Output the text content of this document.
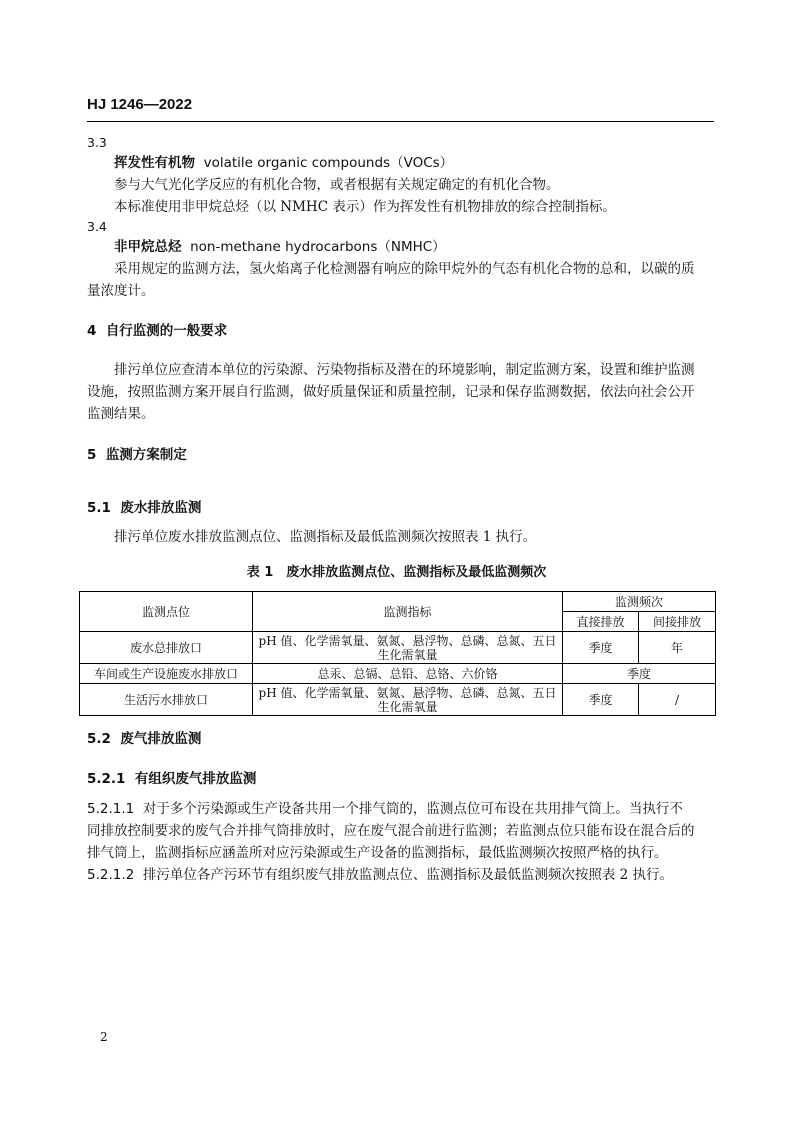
HJ 1246—2022
3.3
挥发性有机物 volatile organic compounds（VOCs）
参与大气光化学反应的有机化合物，或者根据有关规定确定的有机化合物。
本标准使用非甲烷总烃（以 NMHC 表示）作为挥发性有机物排放的综合控制指标。
3.4
非甲烷总烃 non-methane hydrocarbons（NMHC）
采用规定的监测方法，氢火焰离子化检测器有响应的除甲烷外的气态有机化合物的总和，以碳的质
量浓度计。
4 自行监测的一般要求
排污单位应查清本单位的污染源、污染物指标及潜在的环境影响，制定监测方案，设置和维护监测
设施，按照监测方案开展自行监测，做好质量保证和质量控制，记录和保存监测数据，依法向社会公开
监测结果。
5 监测方案制定
5.1 废水排放监测
排污单位废水排放监测点位、监测指标及最低监测频次按照表 1 执行。
表 1　废水排放监测点位、监测指标及最低监测频次
监测点位	监测指标	监测频次	
		直接排放	间接排放
废水总排放口	pH 值、化学需氧量、氨氮、悬浮物、总磷、总氮、五日
生化需氧量	季度	年
车间或生产设施废水排放口	总汞、总镉、总铅、总铬、六价铬	季度	
生活污水排放口	pH 值、化学需氧量、氨氮、悬浮物、总磷、总氮、五日
生化需氧量	季度	/
5.2 废气排放监测
5.2.1 有组织废气排放监测
5.2.1.1 对于多个污染源或生产设备共用一个排气筒的，监测点位可布设在共用排气筒上。当执行不
同排放控制要求的废气合并排气筒排放时，应在废气混合前进行监测；若监测点位只能布设在混合后的
排气筒上，监测指标应涵盖所对应污染源或生产设备的监测指标，最低监测频次按照严格的执行。
5.2.1.2 排污单位各产污环节有组织废气排放监测点位、监测指标及最低监测频次按照表 2 执行。
2
